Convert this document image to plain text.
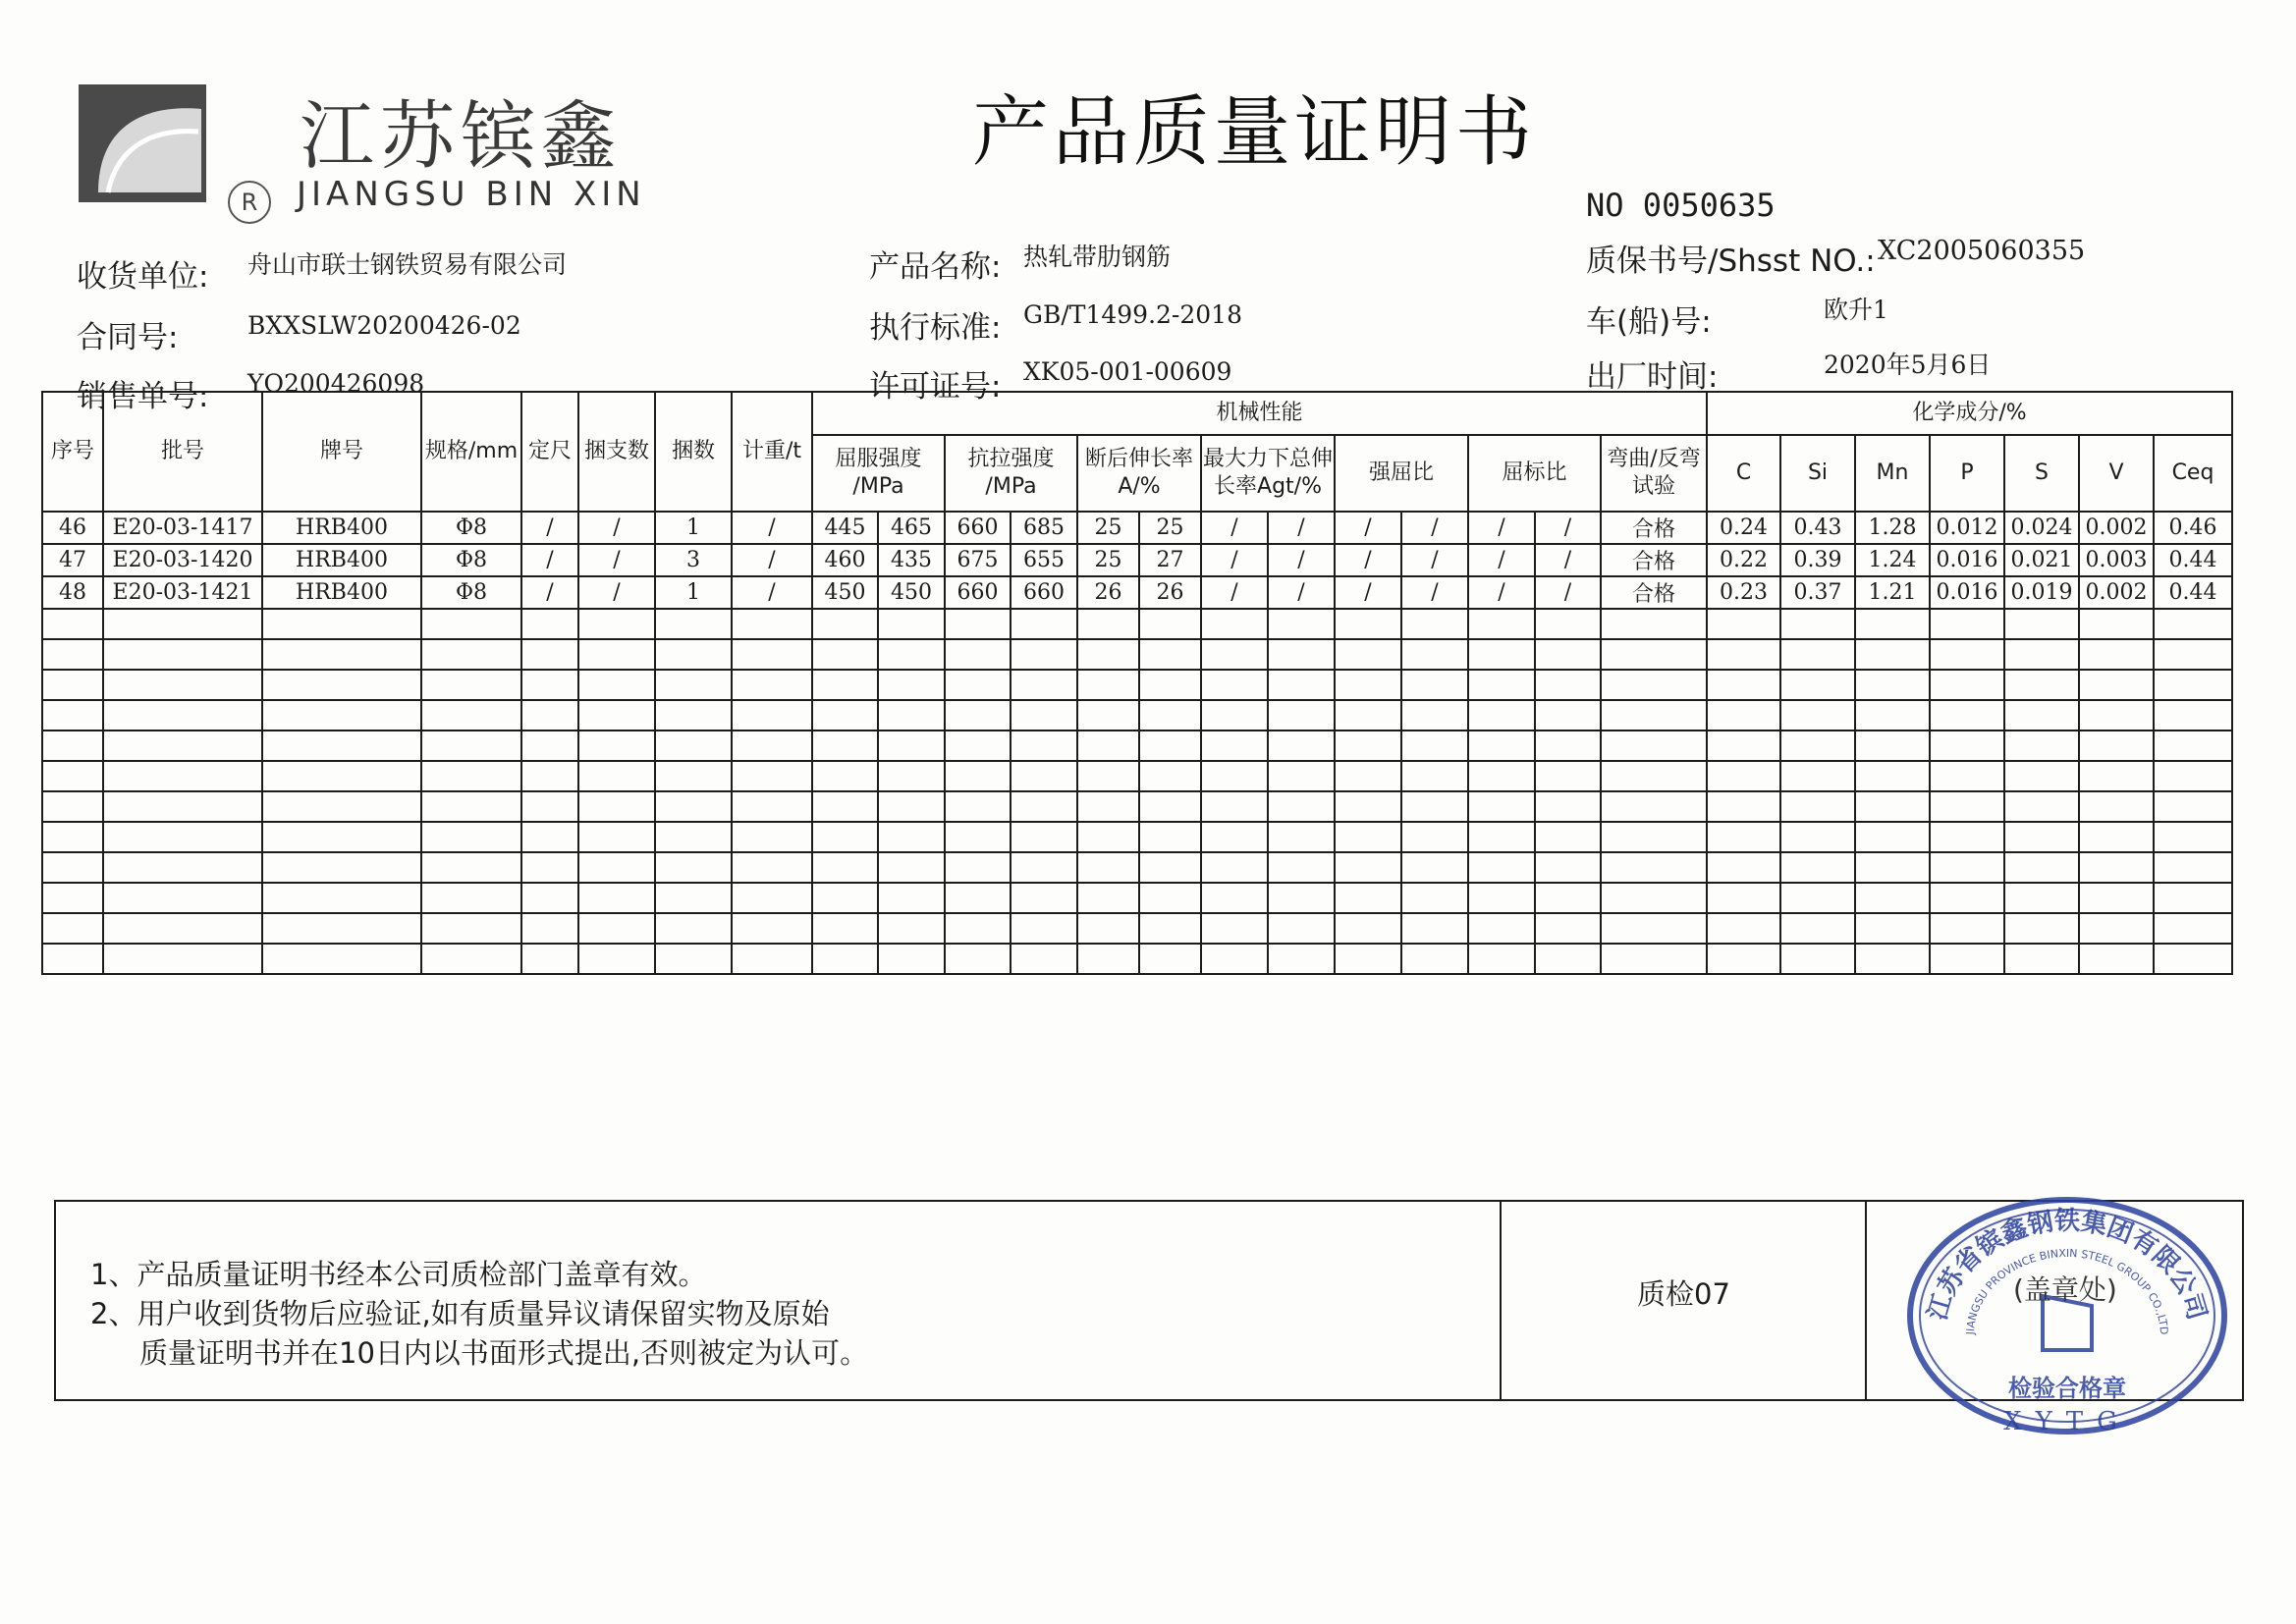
江苏镔鑫
R	JIANGSU BIN XIN
产品质量证明书
NO 0050635
收货单位: 舟山市联士钢铁贸易有限公司
合同号:	BXXSLW20200426-02
销售单号: YO200426098
产品名称: 热轧带肋钢筋
执行标准: GB/T1499.2-2018
许可证号: XK05-001-00609
质保书号/Shsst NO.: XC2005060355
车(船)号:	欧升1
出厂时间:	2020年5月6日
序号	批号	牌号	规格/mm	定尺	捆支数	捆数	计重/t	机械性能													化学成分/%						
								屈服强度 /MPa		抗拉强度 /MPa		断后伸长率 A/%		最大力下总伸长率Agt/%		强屈比		屈标比		弯曲/反弯试验	C	Si	Mn	P	S	V	Ceq
46	E20-03-1417	HRB400	Φ8	/	/	1	/	445	465	660	685	25	25	/	/	/	/	/	/	合格	0.24	0.43	1.28	0.012	0.024	0.002	0.46
47	E20-03-1420	HRB400	Φ8	/	/	3	/	460	435	675	655	25	27	/	/	/	/	/	/	合格	0.22	0.39	1.24	0.016	0.021	0.003	0.44
48	E20-03-1421	HRB400	Φ8	/	/	1	/	450	450	660	660	26	26	/	/	/	/	/	/	合格	0.23	0.37	1.21	0.016	0.019	0.002	0.44

1、产品质量证明书经本公司质检部门盖章有效。
2、用户收到货物后应验证,如有质量异议请保留实物及原始
质量证明书并在10日内以书面形式提出,否则被定为认可。
质检07	江苏省镔鑫钢铁集团有限公司
JIANGSU PROVINCE BINXIN STEEL GROUP CO.,LTD
检验合格章
XYTG
(盖章处)
